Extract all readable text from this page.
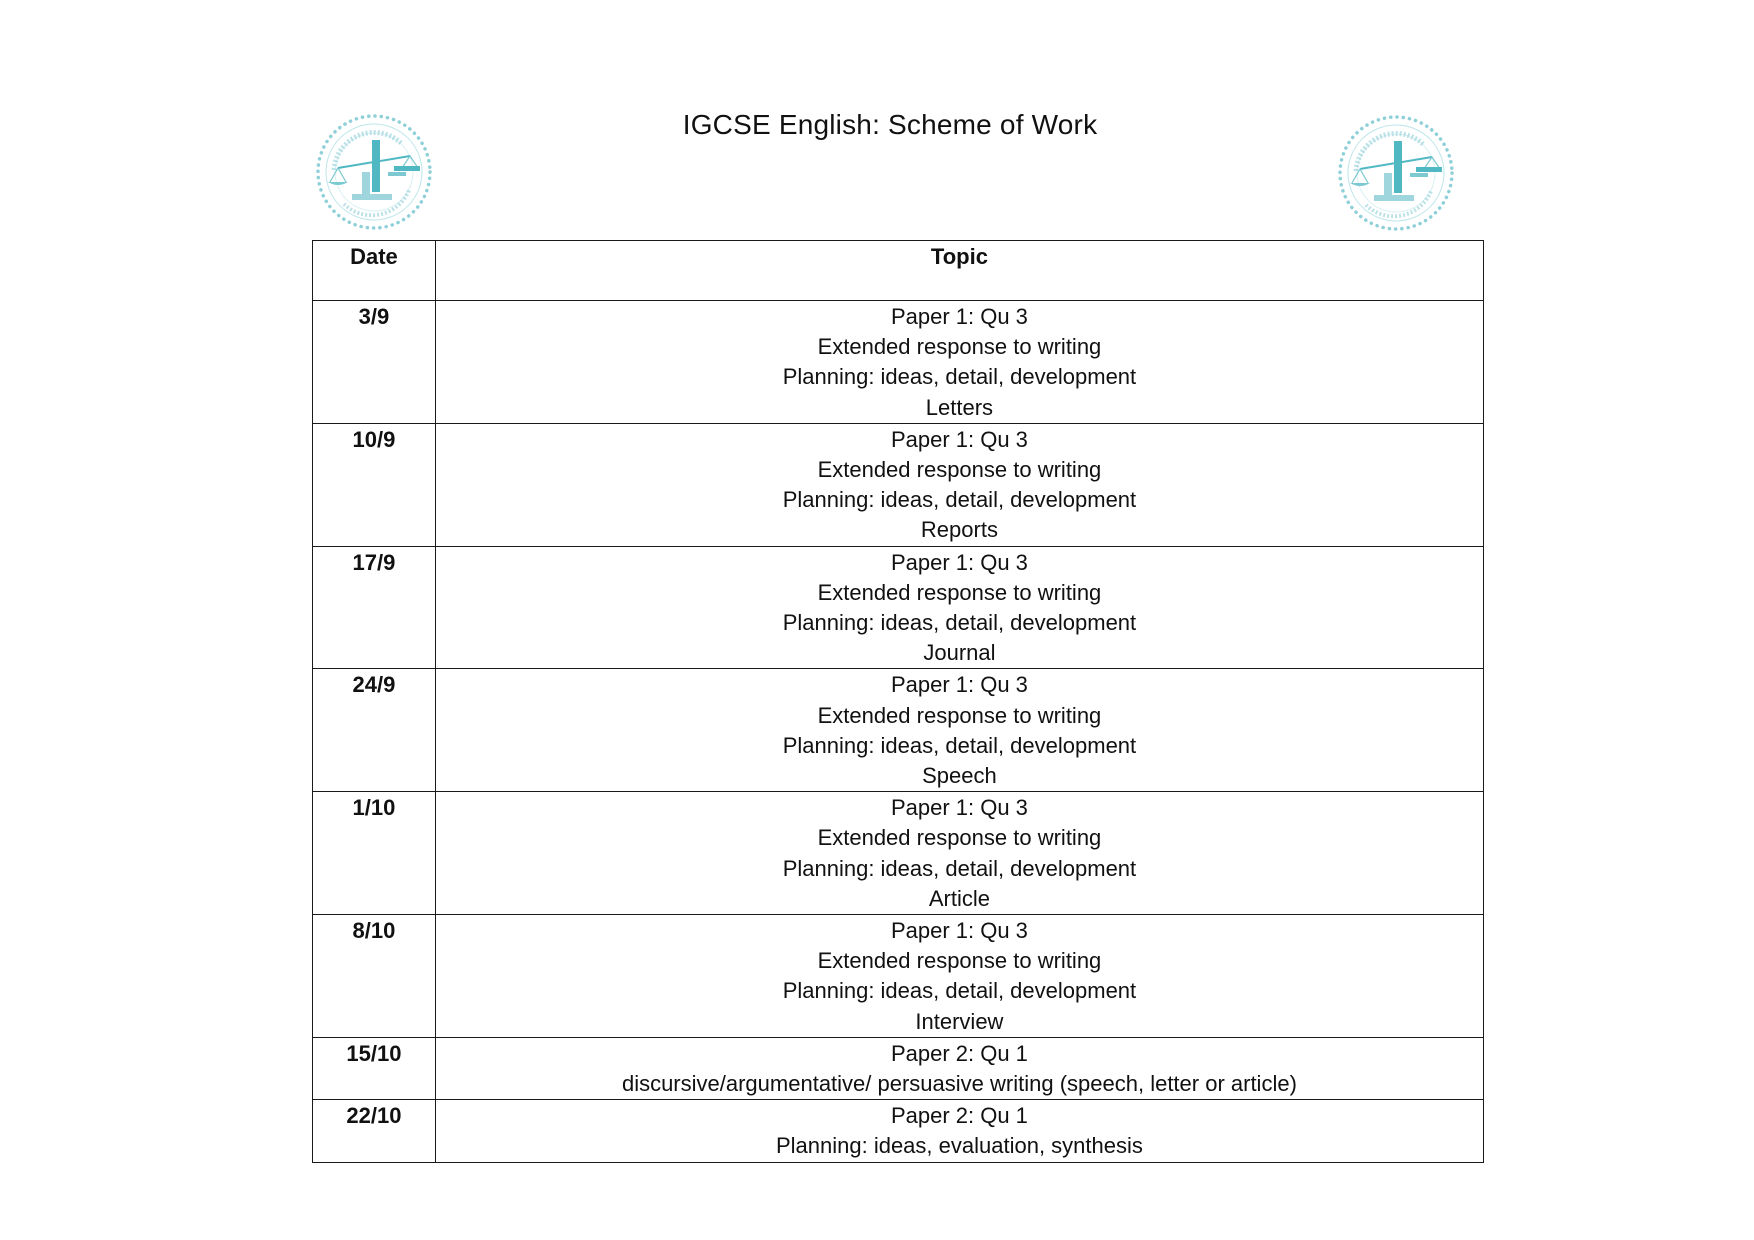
IGCSE English: Scheme of Work
Date	Topic
3/9	Paper 1: Qu 3
Extended response to writing
Planning: ideas, detail, development
Letters

10/9	Paper 1: Qu 3
Extended response to writing
Planning: ideas, detail, development
Reports

17/9	Paper 1: Qu 3
Extended response to writing
Planning: ideas, detail, development
Journal

24/9	Paper 1: Qu 3
Extended response to writing
Planning: ideas, detail, development
Speech

1/10	Paper 1: Qu 3
Extended response to writing
Planning: ideas, detail, development
Article

8/10	Paper 1: Qu 3
Extended response to writing
Planning: ideas, detail, development
Interview

15/10	Paper 2: Qu 1
discursive/argumentative/ persuasive writing (speech, letter or article)

22/10	Paper 2: Qu 1
Planning: ideas, evaluation, synthesis
